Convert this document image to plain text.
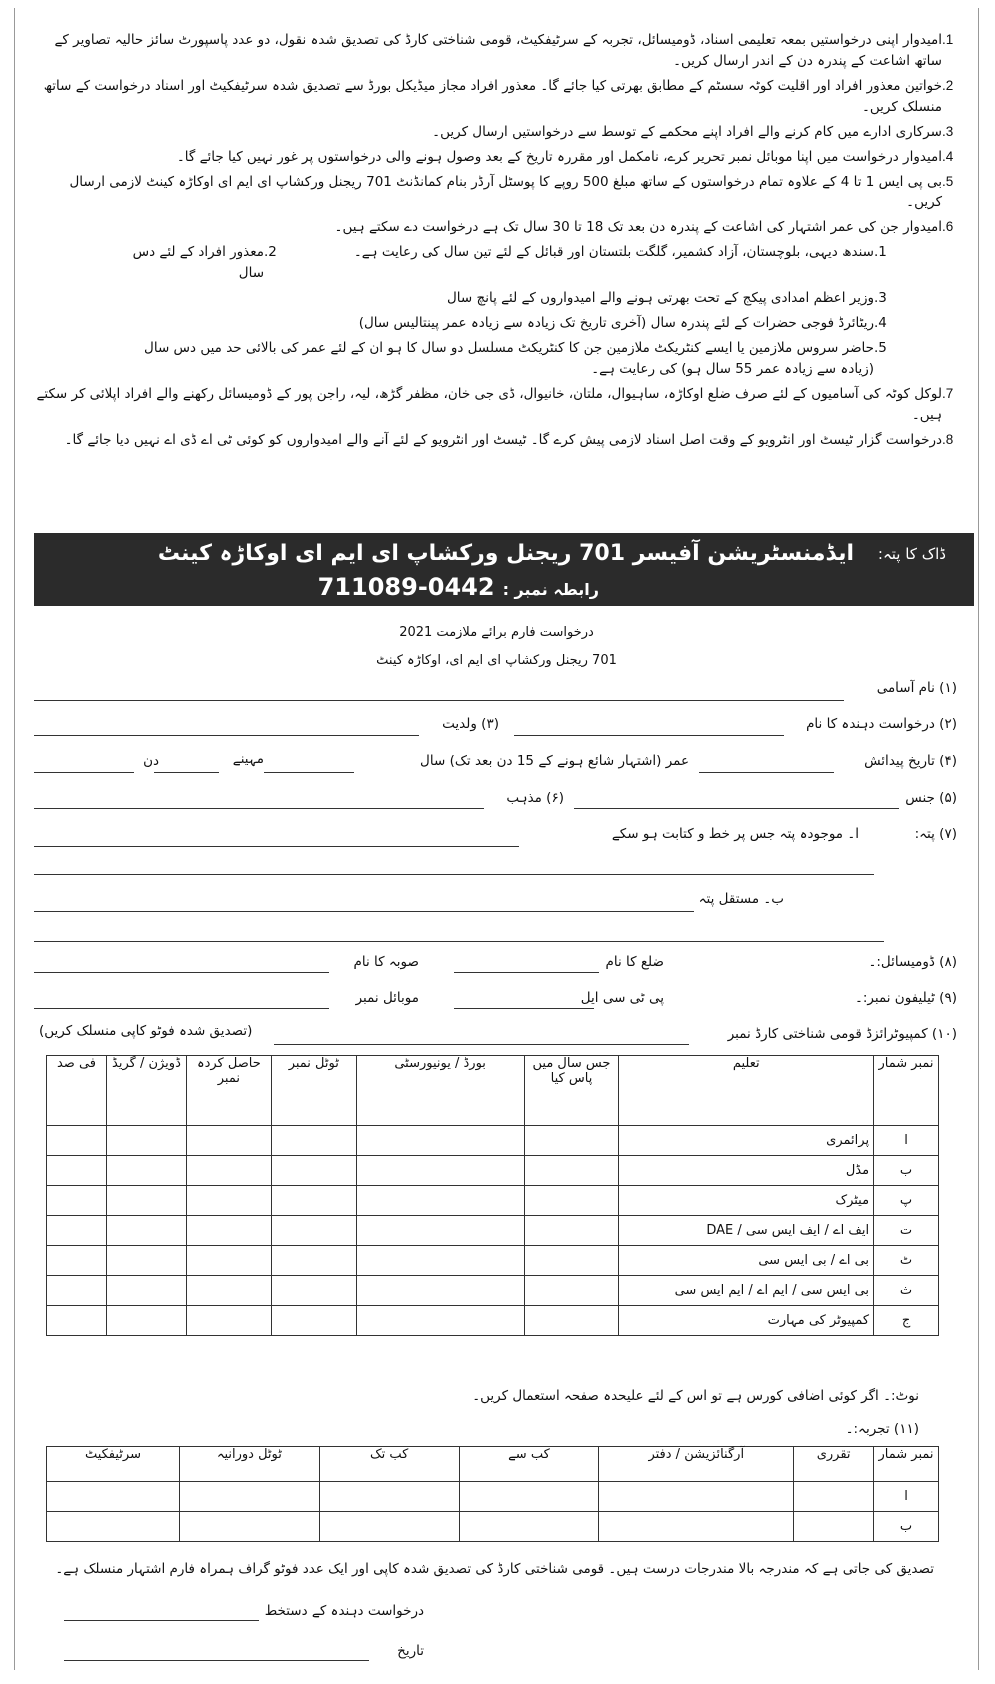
.1
امیدوار اپنی درخواستیں بمعہ تعلیمی اسناد، ڈومیسائل، تجربہ کے سرٹیفکیٹ، قومی شناختی کارڈ کی تصدیق شدہ نقول، دو عدد پاسپورٹ سائز حالیہ تصاویر کے ساتھ اشاعت کے پندرہ دن کے اندر ارسال کریں۔
.2
خواتین معذور افراد اور اقلیت کوٹہ سسٹم کے مطابق بھرتی کیا جائے گا۔ معذور افراد مجاز میڈیکل بورڈ سے تصدیق شدہ سرٹیفکیٹ اور اسناد درخواست کے ساتھ منسلک کریں۔
.3
سرکاری ادارے میں کام کرنے والے افراد اپنے محکمے کے توسط سے درخواستیں ارسال کریں۔
.4
امیدوار درخواست میں اپنا موبائل نمبر تحریر کرے، نامکمل اور مقررہ تاریخ کے بعد وصول ہونے والی درخواستوں پر غور نہیں کیا جائے گا۔
.5
بی پی ایس 1 تا 4 کے علاوہ تمام درخواستوں کے ساتھ مبلغ 500 روپے کا پوسٹل آرڈر بنام کمانڈنٹ 701 ریجنل ورکشاپ ای ایم ای اوکاڑہ کینٹ لازمی ارسال کریں۔
.6
امیدوار جن کی عمر اشتہار کی اشاعت کے پندرہ دن بعد تک 18 تا 30 سال تک ہے درخواست دے سکتے ہیں۔
.1
سندھ دیہی، بلوچستان، آزاد کشمیر، گلگت بلتستان اور قبائل کے لئے تین سال کی رعایت ہے۔
.2
معذور افراد کے لئے دس سال
.3
وزیر اعظم امدادی پیکج کے تحت بھرتی ہونے والے امیدواروں کے لئے پانچ سال
.4
ریٹائرڈ فوجی حضرات کے لئے پندرہ سال (آخری تاریخ تک زیادہ سے زیادہ عمر پینتالیس سال)
.5
حاضر سروس ملازمین یا ایسے کنٹریکٹ ملازمین جن کا کنٹریکٹ مسلسل دو سال کا ہو ان کے لئے عمر کی بالائی حد میں دس سال (زیادہ سے زیادہ عمر 55 سال ہو) کی رعایت ہے۔
.7
لوکل کوٹہ کی آسامیوں کے لئے صرف ضلع اوکاڑہ، ساہیوال، ملتان، خانیوال، ڈی جی خان، مظفر گڑھ، لیہ، راجن پور کے ڈومیسائل رکھنے والے افراد اپلائی کر سکتے ہیں۔
.8
درخواست گزار ٹیسٹ اور انٹرویو کے وقت اصل اسناد لازمی پیش کرے گا۔ ٹیسٹ اور انٹرویو کے لئے آنے والے امیدواروں کو کوئی ٹی اے ڈی اے نہیں دیا جائے گا۔
ڈاک کا پتہ:
ایڈمنسٹریشن آفیسر 701 ریجنل ورکشاپ ای ایم ای اوکاڑہ کینٹ
رابطہ نمبر :0442-711089
درخواست فارم برائے ملازمت 2021
701 ریجنل ورکشاپ ای ایم ای، اوکاڑہ کینٹ
(۱) نام آسامی
(۲) درخواست دہندہ کا نام
(۳) ولدیت
(۴) تاریخ پیدائش
عمر (اشتہار شائع ہونے کے 15 دن بعد تک) سال
مہینے
دن
(۵) جنس
(۶) مذہب
(۷) پتہ:
ا۔ موجودہ پتہ جس پر خط و کتابت ہو سکے
ب۔ مستقل پتہ
(۸) ڈومیسائل:۔
ضلع کا نام
صوبہ کا نام
(۹) ٹیلیفون نمبر:۔
پی ٹی سی ایل
موبائل نمبر
(۱۰) کمپیوٹرائزڈ قومی شناختی کارڈ نمبر
(تصدیق شدہ فوٹو کاپی منسلک کریں)
نمبر شمار	تعلیم	جس سال میں پاس کیا	بورڈ / یونیورسٹی	ٹوٹل نمبر	حاصل کردہ نمبر	ڈویژن / گریڈ	فی صد
ا	پرائمری						
ب	مڈل						
پ	میٹرک						
ت	ایف اے / ایف ایس سی / DAE						
ٹ	بی اے / بی ایس سی						
ث	بی ایس سی / ایم اے / ایم ایس سی						
ج	کمپیوٹر کی مہارت						
نوٹ:۔ اگر کوئی اضافی کورس ہے تو اس کے لئے علیحدہ صفحہ استعمال کریں۔
(۱۱) تجربہ:۔
نمبر شمار	تقرری	آرگنائزیشن / دفتر	کب سے	کب تک	ٹوٹل دورانیہ	سرٹیفکیٹ
ا						
ب						
تصدیق کی جاتی ہے کہ مندرجہ بالا مندرجات درست ہیں۔ قومی شناختی کارڈ کی تصدیق شدہ کاپی اور ایک عدد فوٹو گراف ہمراہ فارم اشتہار منسلک ہے۔
درخواست دہندہ کے دستخط
تاریخ
